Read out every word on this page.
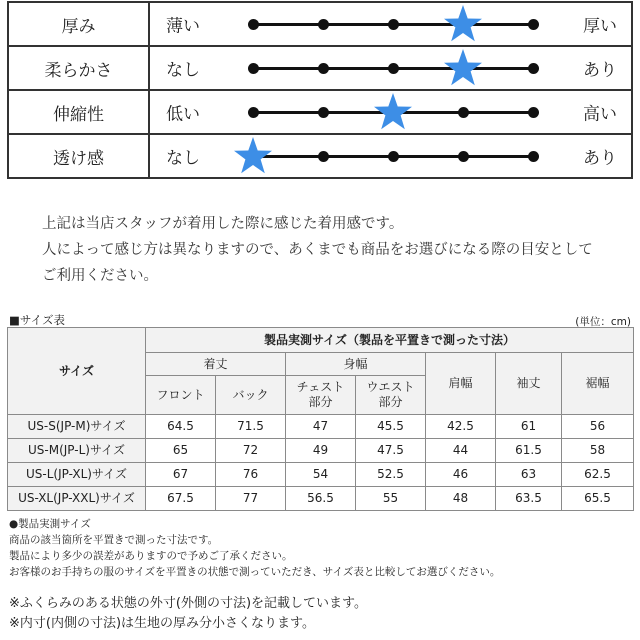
厚み	薄い 厚い

柔らかさ	なし あり

伸縮性	低い 高い

透け感	なし あり
上記は当店スタッフが着用した際に感じた着用感です。
人によって感じ方は異なりますので、あくまでも商品をお選びになる際の目安として
ご利用ください。
■サイズ表	(単位：cm)
サイズ	製品実測サイズ（製品を平置きで測った寸法）						
	着丈		身幅		肩幅	袖丈	裾幅
	フロント	バック	チェスト部分	ウエスト部分			
US-S(JP-M)サイズ	64.5	71.5	47	45.5	42.5	61	56
US-M(JP-L)サイズ	65	72	49	47.5	44	61.5	58
US-L(JP-XL)サイズ	67	76	54	52.5	46	63	62.5
US-XL(JP-XXL)サイズ	67.5	77	56.5	55	48	63.5	65.5
●製品実測サイズ
商品の該当箇所を平置きで測った寸法です。
製品により多少の誤差がありますので予めご了承ください。
お客様のお手持ちの服のサイズを平置きの状態で測っていただき、サイズ表と比較してお選びください。
※ふくらみのある状態の外寸(外側の寸法)を記載しています。
※内寸(内側の寸法)は生地の厚み分小さくなります。
